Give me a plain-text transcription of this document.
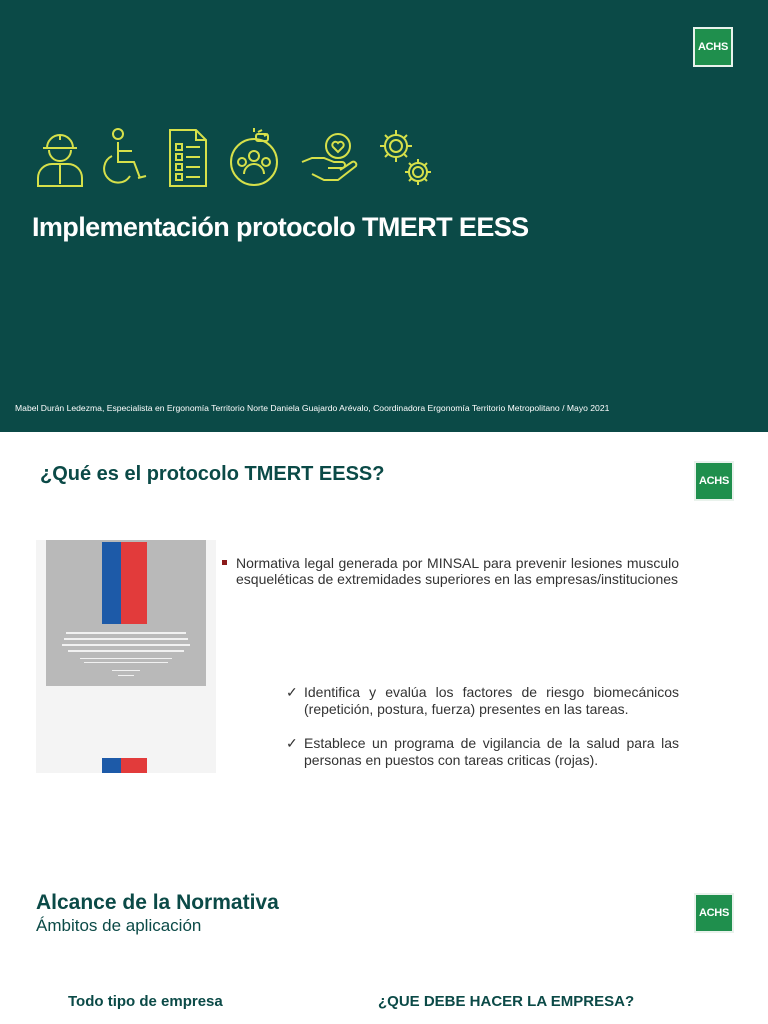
ACHS
Implementación protocolo TMERT EESS
Mabel Durán Ledezma, Especialista en Ergonomía Territorio Norte Daniela Guajardo Arévalo, Coordinadora Ergonomía Territorio Metropolitano / Mayo 2021
¿Qué es el protocolo TMERT EESS?	ACHS
Normativa legal generada por MINSAL para prevenir lesiones musculo esqueléticas de extremidades superiores en las empresas/instituciones
✓ Identifica y evalúa los factores de riesgo biomecánicos (repetición, postura, fuerza) presentes en las tareas.
✓ Establece un programa de vigilancia de la salud para las personas en puestos con tareas criticas (rojas).
Alcance de la Normativa
Ámbitos de aplicación
ACHS
Todo tipo de empresa	¿QUE DEBE HACER LA EMPRESA?
